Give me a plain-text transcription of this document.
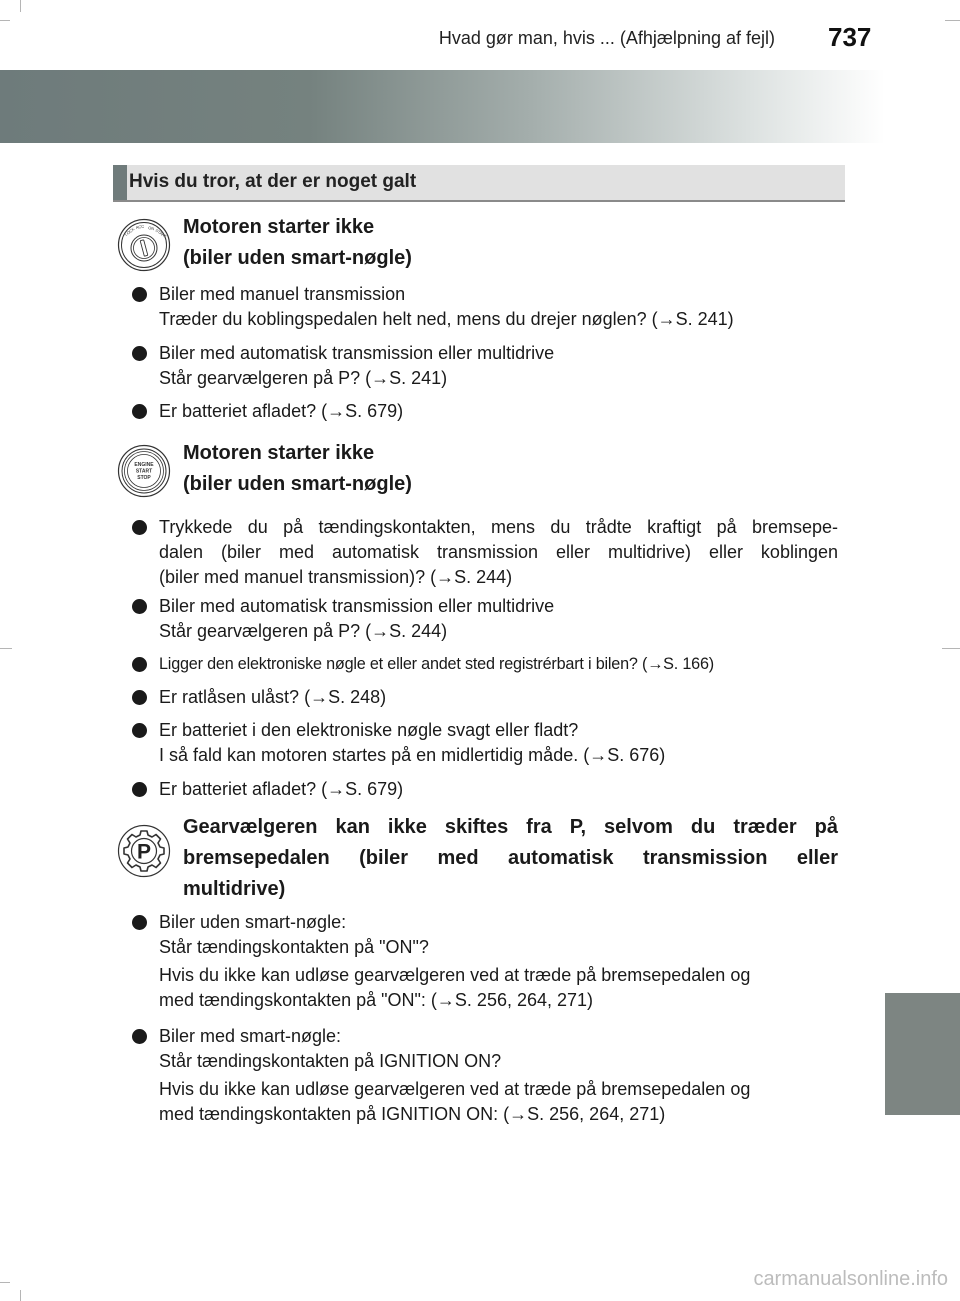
Hvad gør man, hvis ... (Afhjælpning af fejl) 737
Hvis du tror, at der er noget galt
LOCK ACC ON START Motoren starter ikke
(biler uden smart-nøgle)
Biler med manuel transmission
Træder du koblingspedalen helt ned, mens du drejer nøglen? (→S. 241)
Biler med automatisk transmission eller multidrive
Står gearvælgeren på P? (→S. 241)
Er batteriet afladet? (→S. 679)
ENGINE
START
STOP
Motoren starter ikke
(biler uden smart-nøgle)
Trykkede du på tændingskontakten, mens du trådte kraftigt på bremsepe-
dalen (biler med automatisk transmission eller multidrive) eller koblingen
(biler med manuel transmission)? (→S. 244)
Biler med automatisk transmission eller multidrive
Står gearvælgeren på P? (→S. 244)
Ligger den elektroniske nøgle et eller andet sted registrérbart i bilen? (→S. 166)
Er ratlåsen ulåst? (→S. 248)
Er batteriet i den elektroniske nøgle svagt eller fladt?
I så fald kan motoren startes på en midlertidig måde. (→S. 676)
Er batteriet afladet? (→S. 679)
P
Gearvælgeren kan ikke skiftes fra P, selvom du træder på
bremsepedalen (biler med automatisk transmission eller
multidrive)
Biler uden smart-nøgle:
Står tændingskontakten på "ON"?
Hvis du ikke kan udløse gearvælgeren ved at træde på bremsepedalen og
med tændingskontakten på "ON": (→S. 256, 264, 271)
Biler med smart-nøgle:
Står tændingskontakten på IGNITION ON?
Hvis du ikke kan udløse gearvælgeren ved at træde på bremsepedalen og
med tændingskontakten på IGNITION ON: (→S. 256, 264, 271)
carmanualsonline.info
